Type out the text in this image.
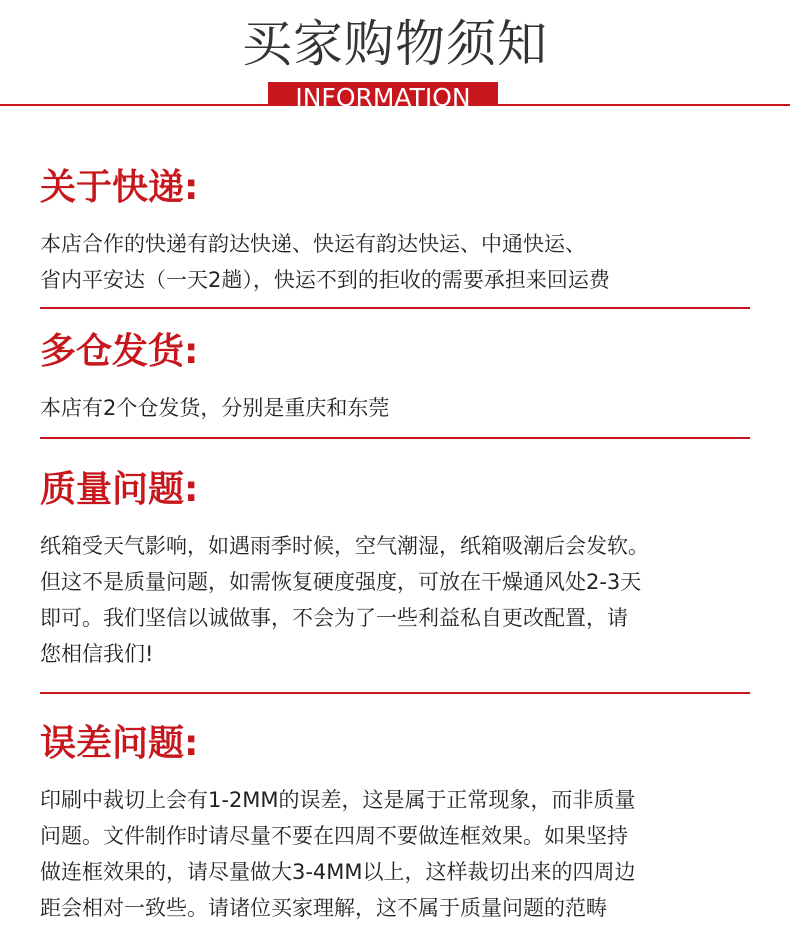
买家购物须知
INFORMATION
关于快递:
本店合作的快递有韵达快递、快运有韵达快运、中通快运、
省内平安达（一天2趟），快运不到的拒收的需要承担来回运费
多仓发货:
本店有2个仓发货，分别是重庆和东莞
质量问题:
纸箱受天气影响，如遇雨季时候，空气潮湿，纸箱吸潮后会发软。
但这不是质量问题，如需恢复硬度强度，可放在干燥通风处2-3天
即可。我们坚信以诚做事，不会为了一些利益私自更改配置，请
您相信我们!
误差问题:
印刷中裁切上会有1-2MM的误差，这是属于正常现象，而非质量
问题。文件制作时请尽量不要在四周不要做连框效果。如果坚持
做连框效果的，请尽量做大3-4MM以上，这样裁切出来的四周边
距会相对一致些。请诸位买家理解，这不属于质量问题的范畴
